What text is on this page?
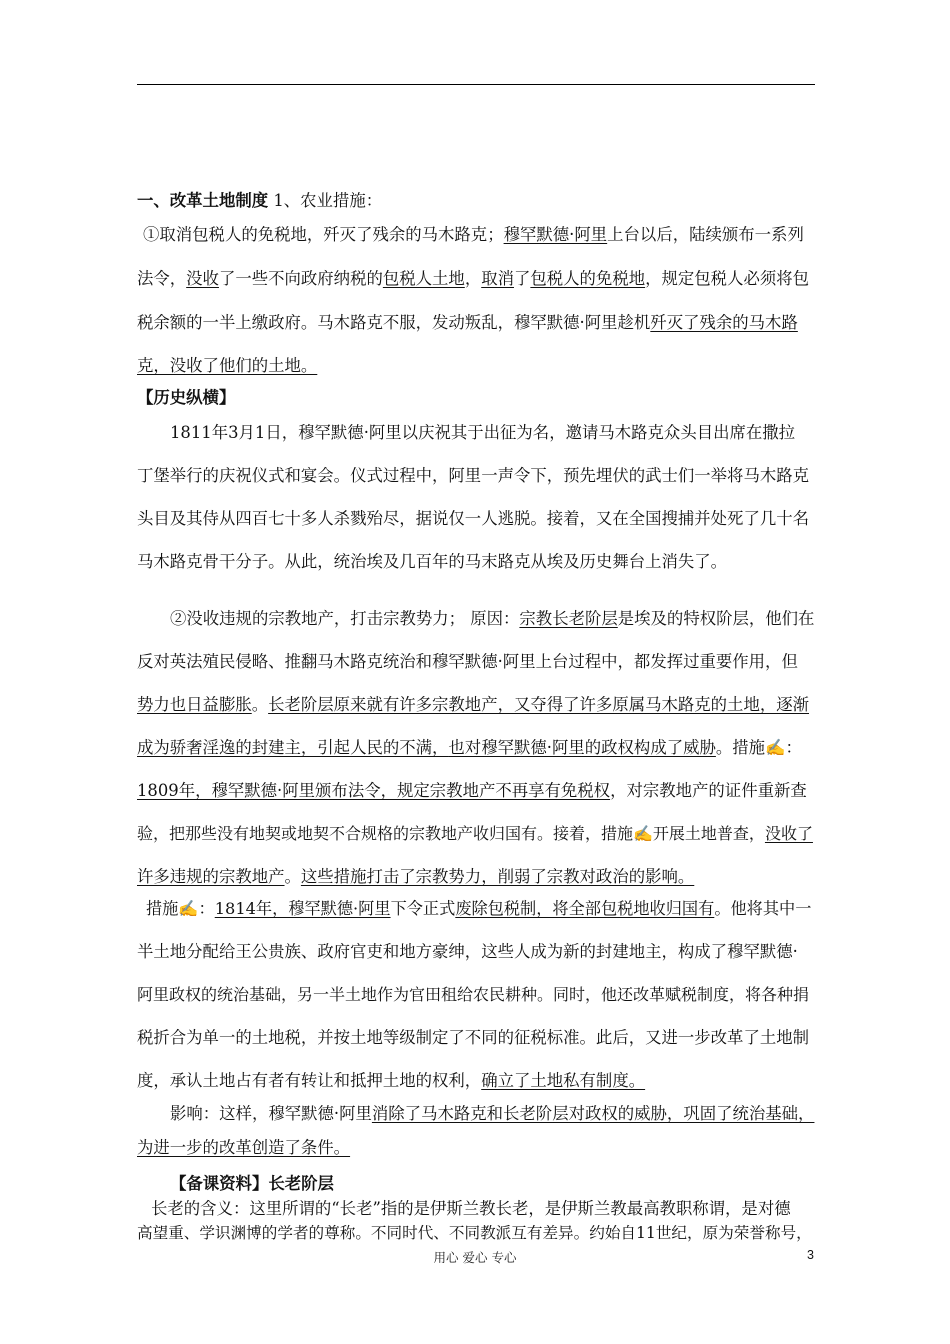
一、改革土地制度 1、农业措施：
①取消包税人的免税地，歼灭了残余的马木路克；穆罕默德·阿里上台以后，陆续颁布一系列
法令，没收了一些不向政府纳税的包税人土地，取消了包税人的免税地，规定包税人必须将包
税余额的一半上缴政府。马木路克不服，发动叛乱，穆罕默德·阿里趁机歼灭了残余的马木路
克，没收了他们的土地。
【历史纵横】
1811年3月1日，穆罕默德·阿里以庆祝其于出征为名，邀请马木路克众头目出席在撒拉
丁堡举行的庆祝仪式和宴会。仪式过程中，阿里一声令下，预先埋伏的武士们一举将马木路克
头目及其侍从四百七十多人杀戮殆尽，据说仅一人逃脱。接着，又在全国搜捕并处死了几十名
马木路克骨干分子。从此，统治埃及几百年的马末路克从埃及历史舞台上消失了。
②没收违规的宗教地产，打击宗教势力； 原因：宗教长老阶层是埃及的特权阶层，他们在
反对英法殖民侵略、推翻马木路克统治和穆罕默德·阿里上台过程中，都发挥过重要作用，但
势力也日益膨胀。长老阶层原来就有许多宗教地产，又夺得了许多原属马木路克的土地，逐渐
成为骄奢淫逸的封建主，引起人民的不满，也对穆罕默德·阿里的政权构成了威胁。措施✍：
1809年，穆罕默德·阿里颁布法令，规定宗教地产不再享有免税权，对宗教地产的证件重新查
验，把那些没有地契或地契不合规格的宗教地产收归国有。接着，措施✍开展土地普查，没收了
许多违规的宗教地产。这些措施打击了宗教势力，削弱了宗教对政治的影响。
措施✍：1814年，穆罕默德·阿里下令正式废除包税制，将全部包税地收归国有。他将其中一
半土地分配给王公贵族、政府官吏和地方豪绅，这些人成为新的封建地主，构成了穆罕默德·
阿里政权的统治基础，另一半土地作为官田租给农民耕种。同时，他还改革赋税制度，将各种捐
税折合为单一的土地税，并按土地等级制定了不同的征税标准。此后，又进一步改革了土地制
度，承认土地占有者有转让和抵押土地的权利，确立了土地私有制度。
影响：这样，穆罕默德·阿里消除了马木路克和长老阶层对政权的威胁，巩固了统治基础，
为进一步的改革创造了条件。
【备课资料】长老阶层
长老的含义：这里所谓的“长老”指的是伊斯兰教长老，是伊斯兰教最高教职称谓，是对德
高望重、学识渊博的学者的尊称。不同时代、不同教派互有差异。约始自11世纪，原为荣誉称号，
用心 爱心 专心	3
